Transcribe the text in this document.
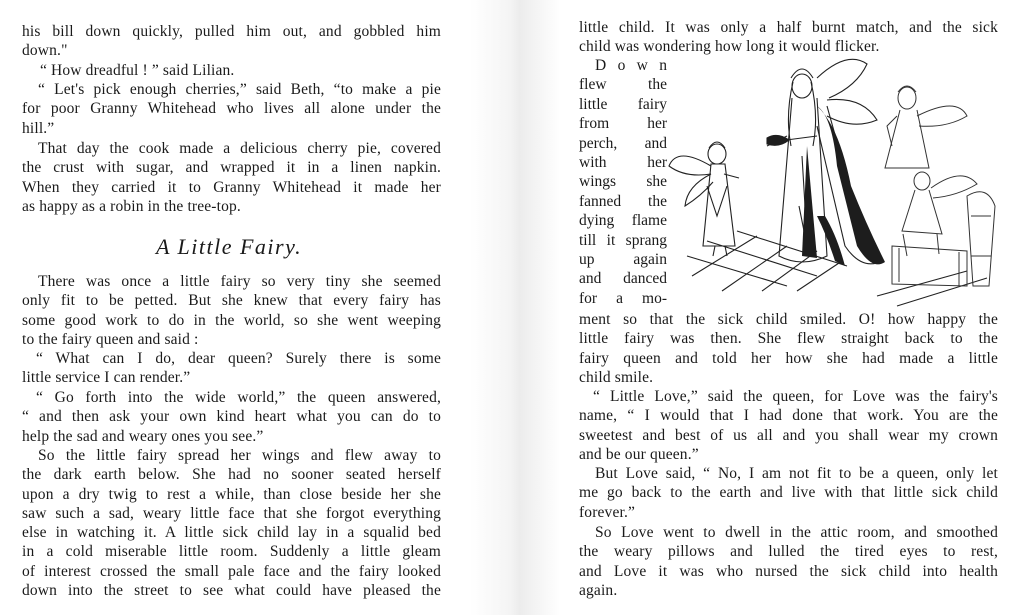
his bill down quickly, pulled him out, and gobbled him
down."

“ How dreadful ! ” said Lilian.

“ Let's pick enough cherries,” said Beth, “to make a pie
for poor Granny Whitehead who lives all alone under the
hill.”

That day the cook made a delicious cherry pie, covered
the crust with sugar, and wrapped it in a linen napkin.
When they carried it to Granny Whitehead it made her
as happy as a robin in the tree-top.

A Little Fairy.

There was once a little fairy so very tiny she seemed
only fit to be petted. But she knew that every fairy has
some good work to do in the world, so she went weeping
to the fairy queen and said :

“ What can I do, dear queen? Surely there is some
little service I can render.”

“ Go forth into the wide world,” the queen answered,
“ and then ask your own kind heart what you can do to
help the sad and weary ones you see.”

So the little fairy spread her wings and flew away to
the dark earth below. She had no sooner seated herself
upon a dry twig to rest a while, than close beside her she
saw such a sad, weary little face that she forgot everything
else in watching it. A little sick child lay in a squalid bed
in a cold miserable little room. Suddenly a little gleam
of interest crossed the small pale face and the fairy looked
down into the street to see what could have pleased the

little child. It was only a half burnt match, and the sick
child was wondering how long it would flicker.

D o w n
flew the
little fairy
from her
perch, and
with her
wings she
fanned the
dying flame
till it sprang
up again
and danced
for a mo-

ment so that the sick child smiled. O! how happy the
little fairy was then. She flew straight back to the
fairy queen and told her how she had made a little
child smile.

“ Little Love,” said the queen, for Love was the fairy's
name, “ I would that I had done that work. You are the
sweetest and best of us all and you shall wear my crown
and be our queen.”

But Love said, “ No, I am not fit to be a queen, only let
me go back to the earth and live with that little sick child
forever.”

So Love went to dwell in the attic room, and smoothed
the weary pillows and lulled the tired eyes to rest,
and Love it was who nursed the sick child into health
again.
